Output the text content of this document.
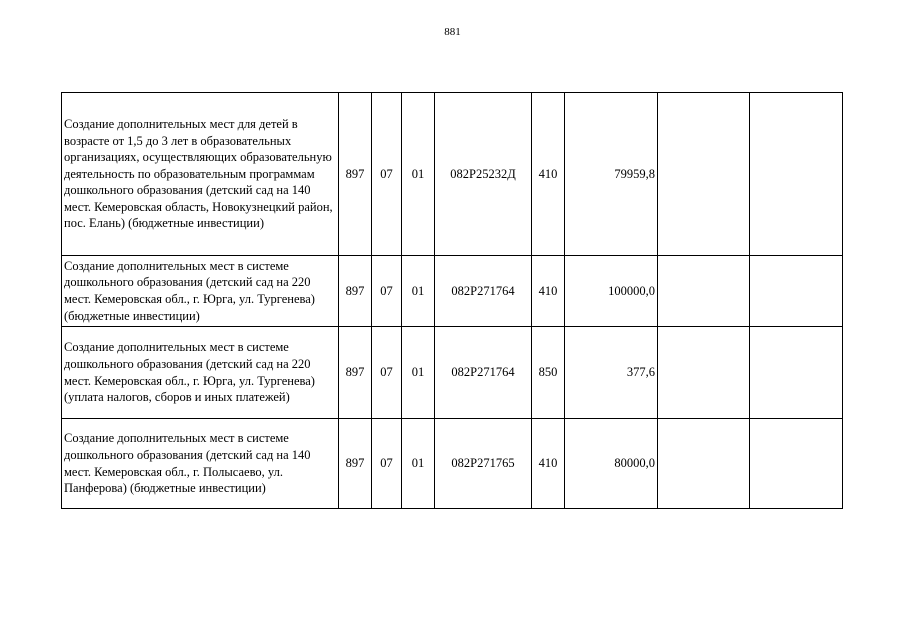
881
Создание дополнительных мест для детей в возрасте от 1,5 до 3 лет в образовательных организациях, осуществляющих образовательную деятельность по образовательным программам дошкольного образования (детский сад на 140 мест. Кемеровская область, Новокузнецкий район, пос. Елань) (бюджетные инвестиции)	897	07	01	082P25232Д	410	79959,8		
Создание дополнительных мест в системе дошкольного образования (детский сад на 220 мест. Кемеровская обл., г. Юрга, ул. Тургенева) (бюджетные инвестиции)	897	07	01	082P271764	410	100000,0		
Создание дополнительных мест в системе дошкольного образования (детский сад на 220 мест. Кемеровская обл., г. Юрга, ул. Тургенева) (уплата налогов, сборов и иных платежей)	897	07	01	082P271764	850	377,6		
Создание дополнительных мест в системе дошкольного образования (детский сад на 140 мест. Кемеровская обл., г. Полысаево, ул. Панферова) (бюджетные инвестиции)	897	07	01	082P271765	410	80000,0		
